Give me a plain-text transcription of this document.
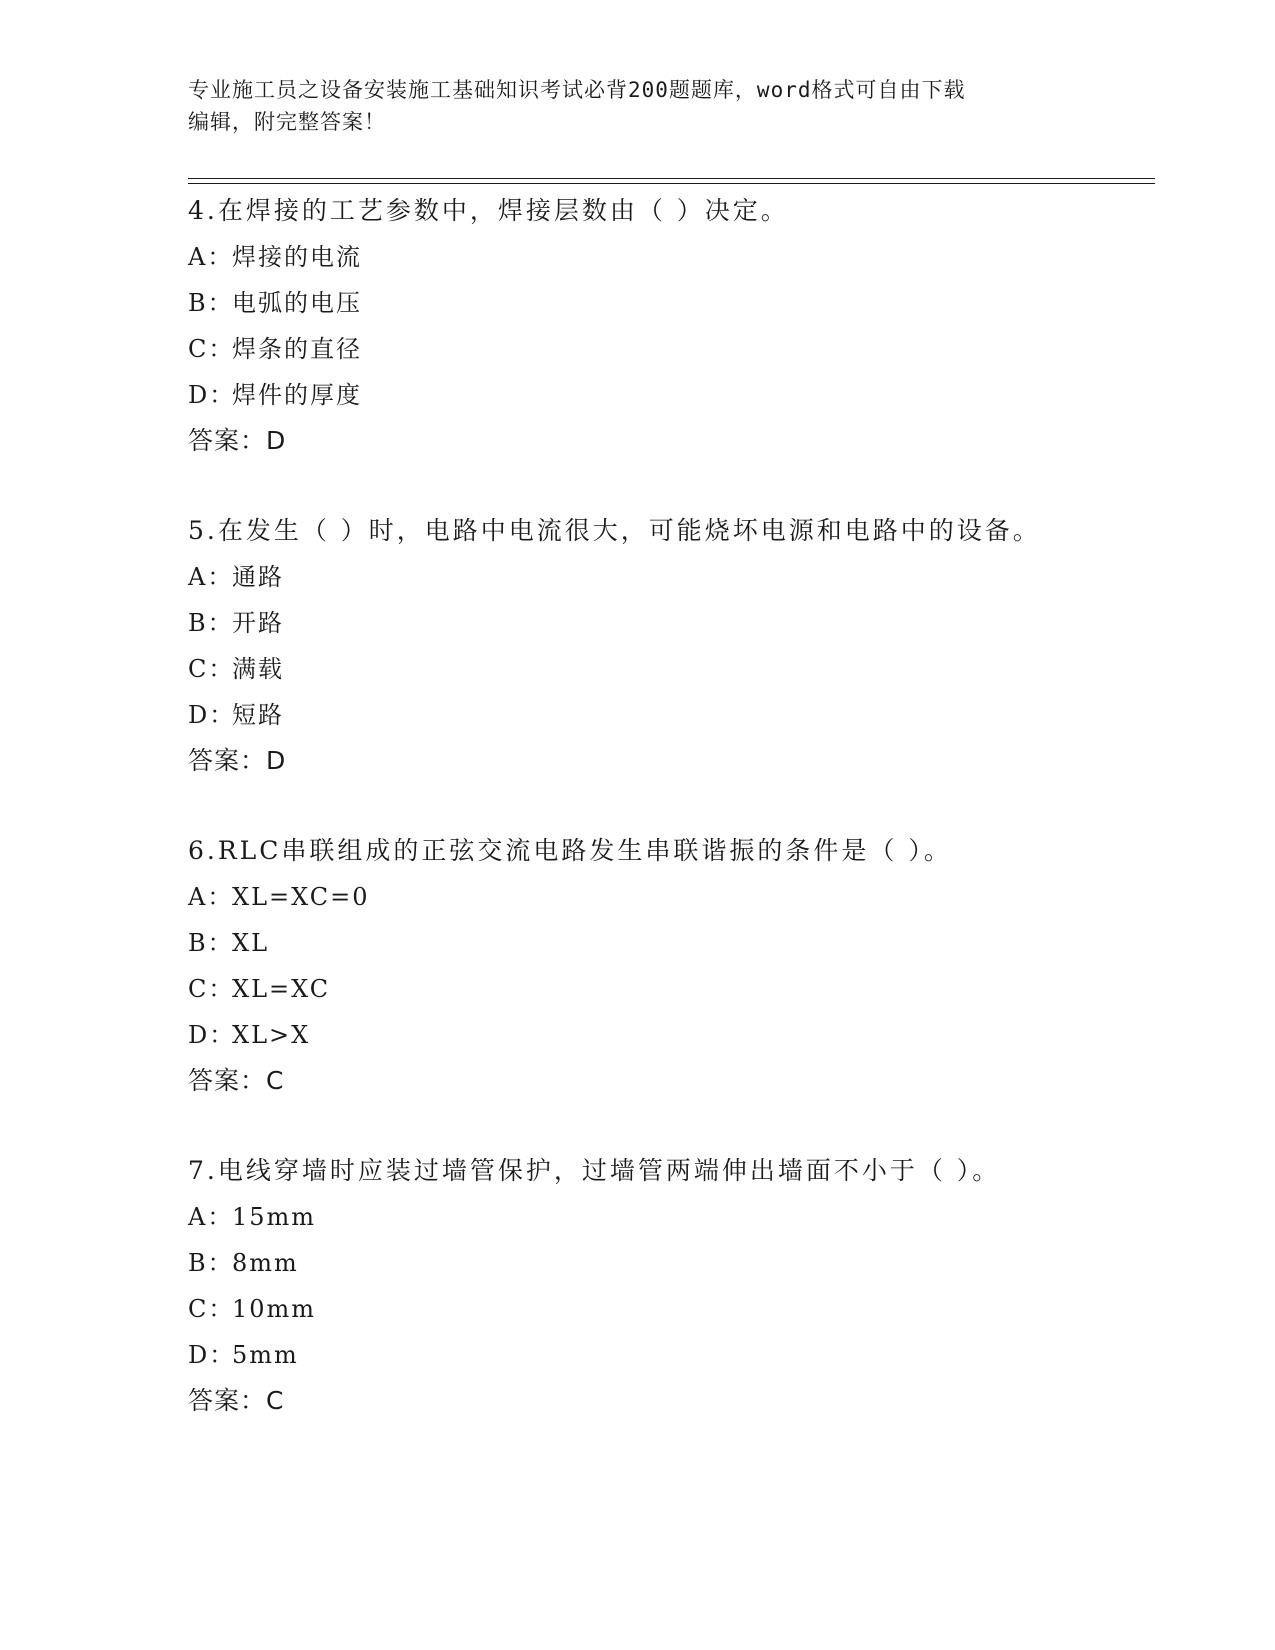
专业施工员之设备安装施工基础知识考试必背200题题库，word格式可自由下载
编辑，附完整答案！
4.在焊接的工艺参数中，焊接层数由（ ）决定。
A：焊接的电流
B：电弧的电压
C：焊条的直径
D：焊件的厚度
答案：D
5.在发生（ ）时，电路中电流很大，可能烧坏电源和电路中的设备。
A：通路
B：开路
C：满载
D：短路
答案：D
6.RLC串联组成的正弦交流电路发生串联谐振的条件是（ ）。
A：XL=XC=0
B：XL
C：XL=XC
D：XL>X
答案：C
7.电线穿墙时应装过墙管保护，过墙管两端伸出墙面不小于（ ）。
A：15mm
B：8mm
C：10mm
D：5mm
答案：C
